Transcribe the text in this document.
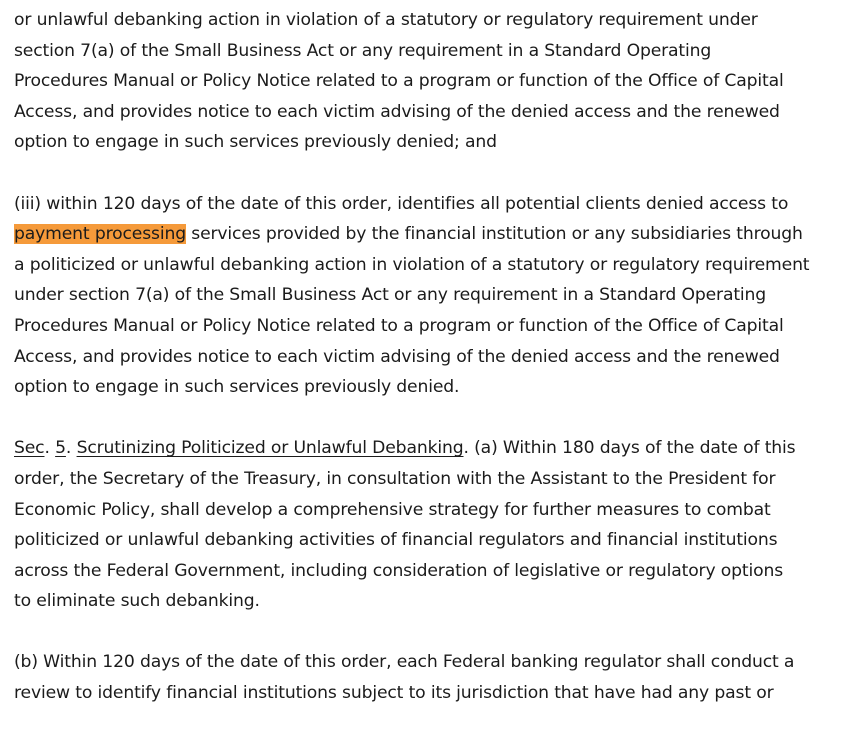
or unlawful debanking action in violation of a statutory or regulatory requirement under
section 7(a) of the Small Business Act or any requirement in a Standard Operating
Procedures Manual or Policy Notice related to a program or function of the Office of Capital
Access, and provides notice to each victim advising of the denied access and the renewed
option to engage in such services previously denied; and

(iii) within 120 days of the date of this order, identifies all potential clients denied access to
payment processing services provided by the financial institution or any subsidiaries through
a politicized or unlawful debanking action in violation of a statutory or regulatory requirement
under section 7(a) of the Small Business Act or any requirement in a Standard Operating
Procedures Manual or Policy Notice related to a program or function of the Office of Capital
Access, and provides notice to each victim advising of the denied access and the renewed
option to engage in such services previously denied.

Sec. 5. Scrutinizing Politicized or Unlawful Debanking. (a) Within 180 days of the date of this
order, the Secretary of the Treasury, in consultation with the Assistant to the President for
Economic Policy, shall develop a comprehensive strategy for further measures to combat
politicized or unlawful debanking activities of financial regulators and financial institutions
across the Federal Government, including consideration of legislative or regulatory options
to eliminate such debanking.

(b) Within 120 days of the date of this order, each Federal banking regulator shall conduct a
review to identify financial institutions subject to its jurisdiction that have had any past or
